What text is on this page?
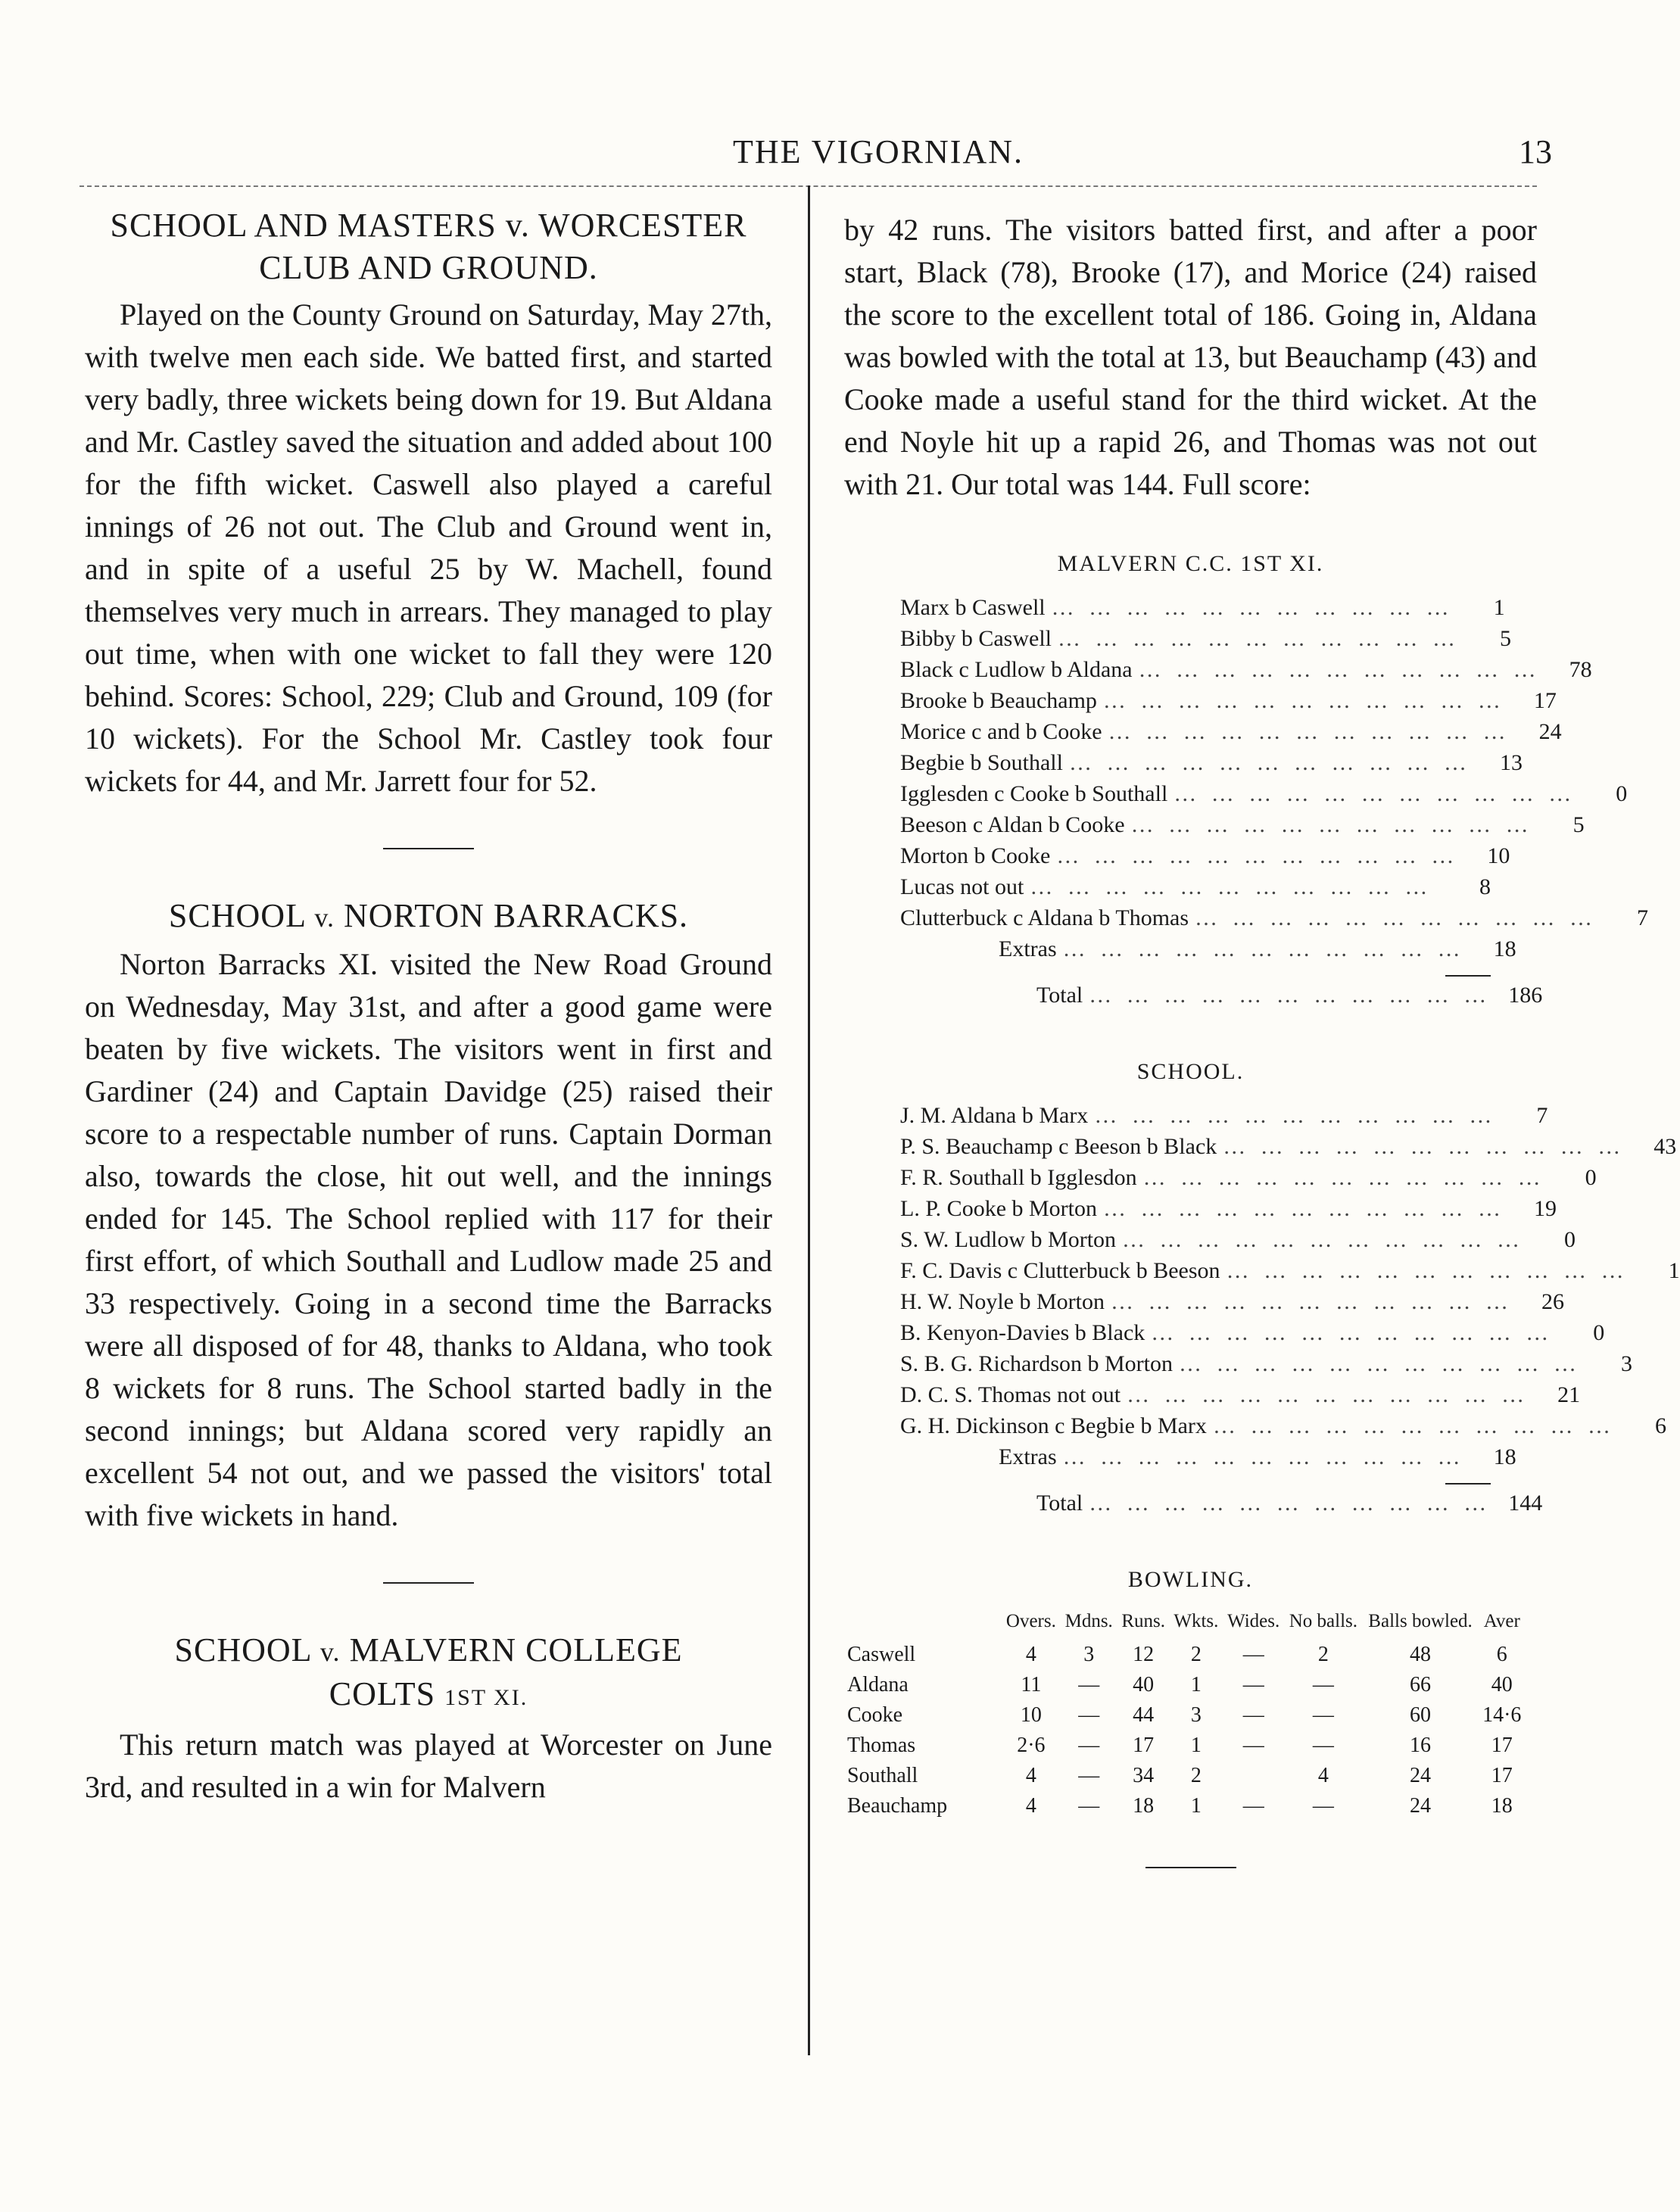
THE VIGORNIAN.	13
SCHOOL AND MASTERS v. WORCESTER
CLUB AND GROUND.

Played on the County Ground on Saturday, May 27th, with twelve men each side. We batted first, and started very badly, three wickets being down for 19. But Aldana and Mr. Castley saved the situation and added about 100 for the fifth wicket. Caswell also played a careful innings of 26 not out. The Club and Ground went in, and in spite of a useful 25 by W. Machell, found themselves very much in arrears. They managed to play out time, when with one wicket to fall they were 120 behind. Scores: School, 229; Club and Ground, 109 (for 10 wickets). For the School Mr. Castley took four wickets for 44, and Mr. Jarrett four for 52.

SCHOOL v. NORTON BARRACKS.

Norton Barracks XI. visited the New Road Ground on Wednesday, May 31st, and after a good game were beaten by five wickets. The visitors went in first and Gardiner (24) and Captain Davidge (25) raised their score to a respectable number of runs. Captain Dorman also, towards the close, hit out well, and the innings ended for 145. The School replied with 117 for their first effort, of which Southall and Ludlow made 25 and 33 respectively. Going in a second time the Barracks were all disposed of for 48, thanks to Aldana, who took 8 wickets for 8 runs. The School started badly in the second innings; but Aldana scored very rapidly an excellent 54 not out, and we passed the visitors' total with five wickets in hand.

SCHOOL v. MALVERN COLLEGE
COLTS 1ST XI.

This return match was played at Worcester on June 3rd, and resulted in a win for Malvern

by 42 runs. The visitors batted first, and after a poor start, Black (78), Brooke (17), and Morice (24) raised the score to the excellent total of 186. Going in, Aldana was bowled with the total at 13, but Beauchamp (43) and Cooke made a useful stand for the third wicket. At the end Noyle hit up a rapid 26, and Thomas was not out with 21. Our total was 144. Full score:

MALVERN C.C. 1ST XI.
Marx b Caswell … … … … … … … … … … …	1
Bibby b Caswell … … … … … … … … … … …	5
Black c Ludlow b Aldana … … … … … … … … … … …	78
Brooke b Beauchamp … … … … … … … … … … …	17
Morice c and b Cooke … … … … … … … … … … …	24
Begbie b Southall … … … … … … … … … … …	13
Igglesden c Cooke b Southall … … … … … … … … … … …	0
Beeson c Aldan b Cooke … … … … … … … … … … …	5
Morton b Cooke … … … … … … … … … … …	10
Lucas not out … … … … … … … … … … …	8
Clutterbuck c Aldana b Thomas … … … … … … … … … … …	7
Extras … … … … … … … … … … …	18
Total … … … … … … … … … … … 186
SCHOOL.
J. M. Aldana b Marx … … … … … … … … … … …	7
P. S. Beauchamp c Beeson b Black … … … … … … … … … … …	43
F. R. Southall b Igglesdon … … … … … … … … … … …	0
L. P. Cooke b Morton … … … … … … … … … … …	19
S. W. Ludlow b Morton … … … … … … … … … … …	0
F. C. Davis c Clutterbuck b Beeson … … … … … … … … … … …	1
H. W. Noyle b Morton … … … … … … … … … … …	26
B. Kenyon-Davies b Black … … … … … … … … … … …	0
S. B. G. Richardson b Morton … … … … … … … … … … …	3
D. C. S. Thomas not out … … … … … … … … … … …	21
G. H. Dickinson c Begbie b Marx … … … … … … … … … … …	6
Extras … … … … … … … … … … …	18
Total … … … … … … … … … … … 144
BOWLING.
	Overs.	Mdns.	Runs.	Wkts.	Wides.	No balls.	Balls bowled.	Aver
Caswell	4	3	12	2	—	2	48	6
Aldana	11	—	40	1	—	—	66	40
Cooke	10	—	44	3	—	—	60	14·6
Thomas	2·6	—	17	1	—	—	16	17
Southall	4	—	34	2		4	24	17
Beauchamp	4	—	18	1	—	—	24	18
